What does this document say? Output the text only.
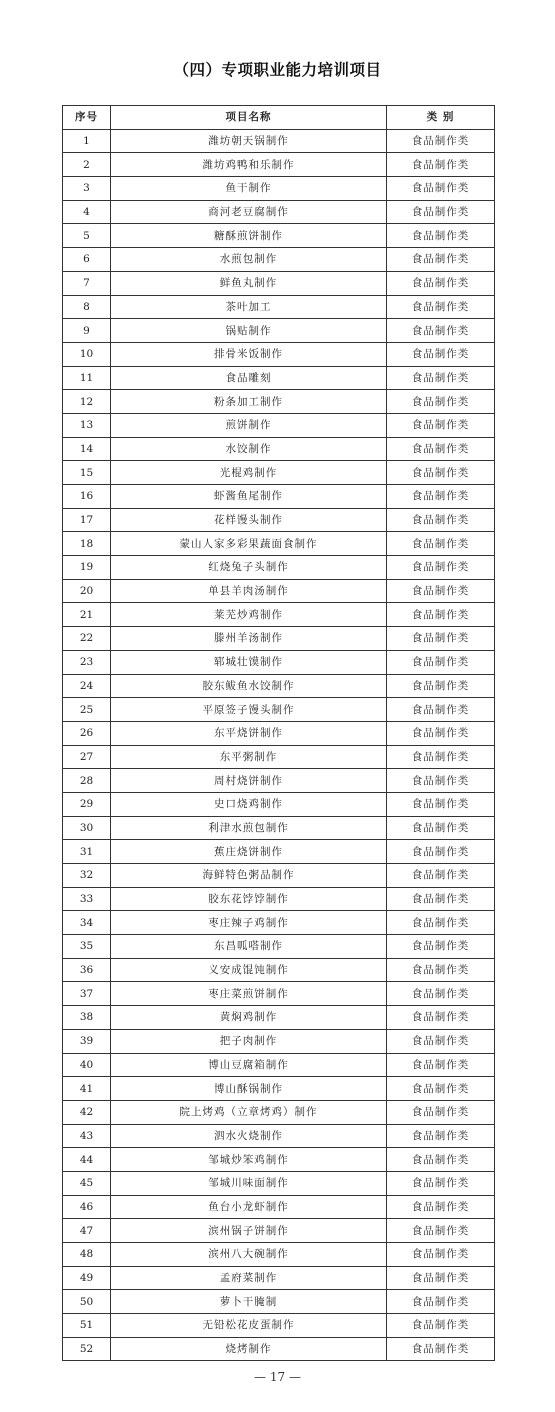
（四）专项职业能力培训项目
序号	项目名称	类 别
1	潍坊朝天锅制作	食品制作类
2	潍坊鸡鸭和乐制作	食品制作类
3	鱼干制作	食品制作类
4	商河老豆腐制作	食品制作类
5	糖酥煎饼制作	食品制作类
6	水煎包制作	食品制作类
7	鲜鱼丸制作	食品制作类
8	茶叶加工	食品制作类
9	锅贴制作	食品制作类
10	排骨米饭制作	食品制作类
11	食品雕刻	食品制作类
12	粉条加工制作	食品制作类
13	煎饼制作	食品制作类
14	水饺制作	食品制作类
15	光棍鸡制作	食品制作类
16	虾酱鱼尾制作	食品制作类
17	花样馒头制作	食品制作类
18	蒙山人家多彩果蔬面食制作	食品制作类
19	红烧兔子头制作	食品制作类
20	单县羊肉汤制作	食品制作类
21	莱芜炒鸡制作	食品制作类
22	滕州羊汤制作	食品制作类
23	郓城壮馍制作	食品制作类
24	胶东鲅鱼水饺制作	食品制作类
25	平原签子馒头制作	食品制作类
26	东平烧饼制作	食品制作类
27	东平粥制作	食品制作类
28	周村烧饼制作	食品制作类
29	史口烧鸡制作	食品制作类
30	利津水煎包制作	食品制作类
31	蕉庄烧饼制作	食品制作类
32	海鲜特色粥品制作	食品制作类
33	胶东花饽饽制作	食品制作类
34	枣庄辣子鸡制作	食品制作类
35	东昌呱嗒制作	食品制作类
36	义安成馄饨制作	食品制作类
37	枣庄菜煎饼制作	食品制作类
38	黄焖鸡制作	食品制作类
39	把子肉制作	食品制作类
40	博山豆腐箱制作	食品制作类
41	博山酥锅制作	食品制作类
42	院上烤鸡（立章烤鸡）制作	食品制作类
43	泗水火烧制作	食品制作类
44	邹城炒笨鸡制作	食品制作类
45	邹城川味面制作	食品制作类
46	鱼台小龙虾制作	食品制作类
47	滨州锅子饼制作	食品制作类
48	滨州八大碗制作	食品制作类
49	孟府菜制作	食品制作类
50	萝卜干腌制	食品制作类
51	无铅松花皮蛋制作	食品制作类
52	烧烤制作	食品制作类
— 17 —
